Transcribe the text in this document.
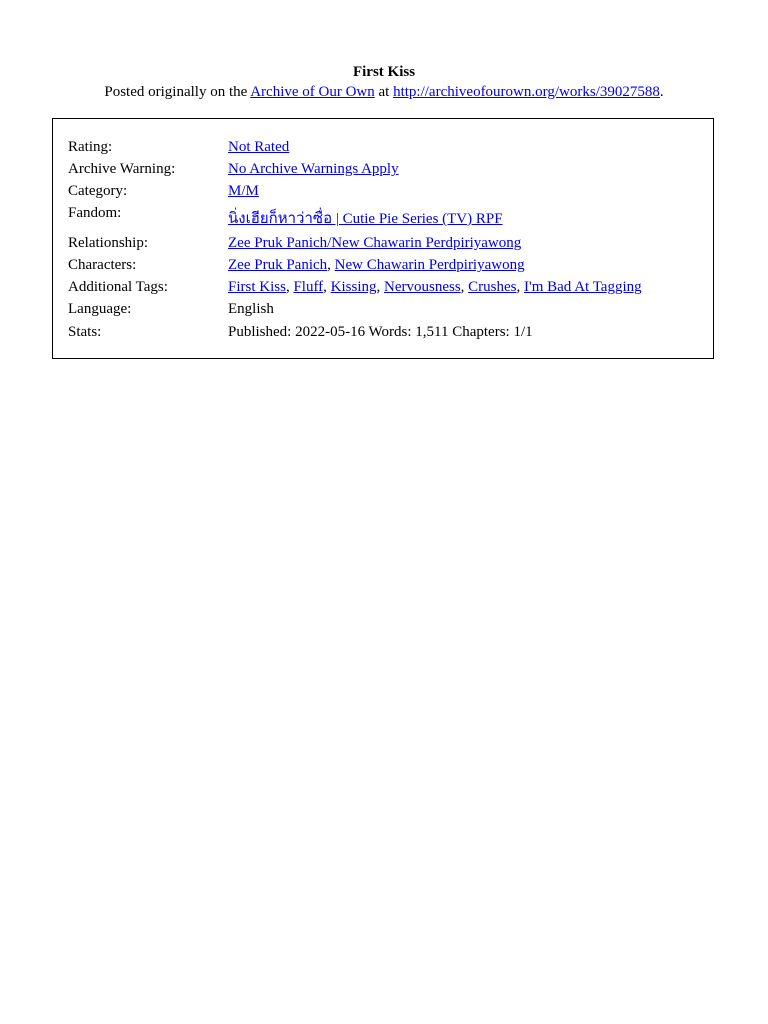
First Kiss
Posted originally on the Archive of Our Own at http://archiveofourown.org/works/39027588.
Rating:	Not Rated
Archive Warning:	No Archive Warnings Apply
Category:	M/M
Fandom:	นิ่งเฮียก็หาว่าซื่อ | Cutie Pie Series (TV) RPF
Relationship:	Zee Pruk Panich/New Chawarin Perdpiriyawong
Characters:	Zee Pruk Panich, New Chawarin Perdpiriyawong
Additional Tags:	First Kiss, Fluff, Kissing, Nervousness, Crushes, I'm Bad At Tagging
Language:	English
Stats:	Published: 2022-05-16 Words: 1,511 Chapters: 1/1
